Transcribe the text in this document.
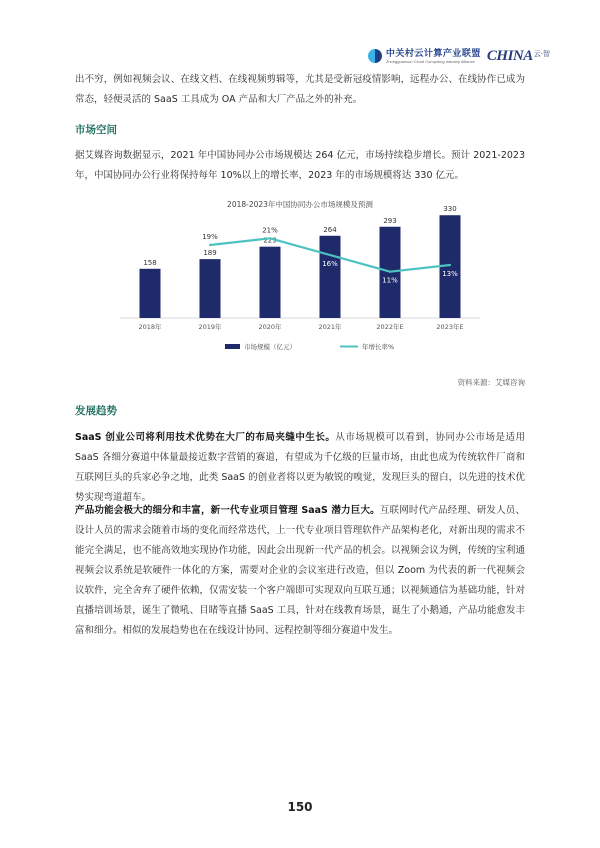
中关村云计算产业联盟
Zhongguancun Cloud Computing Industry Alliance CHINA 云·智

出不穷，例如视频会议、在线文档、在线视频剪辑等，尤其是受新冠疫情影响，远程办公、在线协作已成为常态，轻便灵活的 SaaS 工具成为 OA 产品和大厂产品之外的补充。

市场空间

据艾媒咨询数据显示，2021 年中国协同办公市场规模达 264 亿元，市场持续稳步增长。预计 2021-2023 年，中国协同办公行业将保持每年 10%以上的增长率，2023 年的市场规模将达 330 亿元。

2018-2023年中国协同办公市场规模及预测
158
189
229
264
293
330
19%
21%
16%
11%
13%
2018年	2019年	2020年	2021年	2022年E	2023年E
市场规模（亿元）	年增长率%
资料来源：艾媒咨询
发展趋势

SaaS 创业公司将利用技术优势在大厂的布局夹缝中生长。从市场规模可以看到，协同办公市场是适用 SaaS 各细分赛道中体量最接近数字营销的赛道，有望成为千亿级的巨量市场，由此也成为传统软件厂商和互联网巨头的兵家必争之地，此类 SaaS 的创业者将以更为敏锐的嗅觉，发现巨头的留白，以先进的技术优势实现弯道超车。

产品功能会极大的细分和丰富，新一代专业项目管理 SaaS 潜力巨大。互联网时代产品经理、研发人员、设计人员的需求会随着市场的变化而经常迭代，上一代专业项目管理软件产品架构老化，对新出现的需求不能完全满足，也不能高效地实现协作功能，因此会出现新一代产品的机会。以视频会议为例，传统的宝利通视频会议系统是软硬件一体化的方案，需要对企业的会议室进行改造，但以 Zoom 为代表的新一代视频会议软件，完全舍弃了硬件依赖，仅需安装一个客户端即可实现双向互联互通；以视频通信为基础功能，针对直播培训场景，诞生了微吼、目睹等直播 SaaS 工具，针对在线教育场景，诞生了小鹅通，产品功能愈发丰富和细分。相似的发展趋势也在在线设计协同、远程控制等细分赛道中发生。

150
